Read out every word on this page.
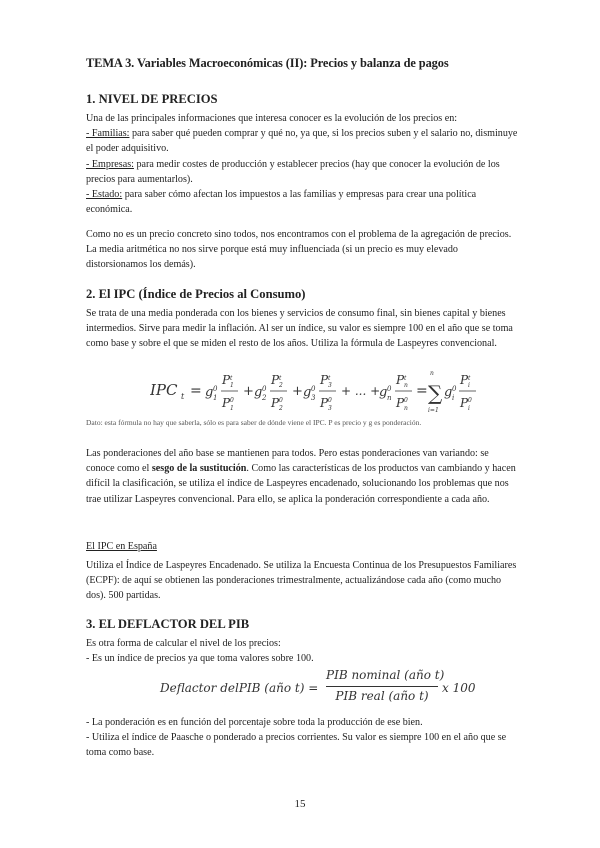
TEMA 3. Variables Macroeconómicas (II): Precios y balanza de pagos
1. NIVEL DE PRECIOS
Una de las principales informaciones que interesa conocer es la evolución de los precios en:
- Familias: para saber qué pueden comprar y qué no, ya que, si los precios suben y el salario no, disminuye el poder adquisitivo.
- Empresas: para medir costes de producción y establecer precios (hay que conocer la evolución de los precios para aumentarlos).
- Estado: para saber cómo afectan los impuestos a las familias y empresas para crear una política económica.
Como no es un precio concreto sino todos, nos encontramos con el problema de la agregación de precios. La media aritmética no nos sirve porque está muy influenciada (si un precio es muy elevado distorsionamos los demás).
2. El IPC (Índice de Precios al Consumo)
Se trata de una media ponderada con los bienes y servicios de consumo final, sin bienes capital y bienes intermedios. Sirve para medir la inflación. Al ser un índice, su valor es siempre 100 en el año que se toma como base y sobre el que se miden el resto de los años. Utiliza la fórmula de Laspeyres convencional.
IPC t = g 0
1
P t
1
P 0
1
+ g 0
2
P t
2
P 0
2
+ g 0
3
P t
3
P 0
3
+ ... +
g 0
n
P t
n
P 0
n
=
n
∑
i=1
g 0
i
P t
i
P 0
i
Dato: esta fórmula no hay que saberla, sólo es para saber de dónde viene el IPC. P es precio y g es ponderación.
Las ponderaciones del año base se mantienen para todos. Pero estas ponderaciones van variando: se conoce como el sesgo de la sustitución. Como las características de los productos van cambiando y hacen difícil la clasificación, se utiliza el índice de Laspeyres encadenado, solucionando los problemas que nos trae utilizar Laspeyres convencional. Para ello, se aplica la ponderación correspondiente a cada año.
El IPC en España
Utiliza el Índice de Laspeyres Encadenado. Se utiliza la Encuesta Continua de los Presupuestos Familiares (ECPF): de aquí se obtienen las ponderaciones trimestralmente, actualizándose cada año (como mucho dos). 500 partidas.
3. EL DEFLACTOR DEL PIB
Es otra forma de calcular el nivel de los precios:
- Es un índice de precios ya que toma valores sobre 100.
Deflactor delPIB (año t) =
PIB nominal (año t)
PIB real (año t)
x 100
- La ponderación es en función del porcentaje sobre toda la producción de ese bien.
- Utiliza el índice de Paasche o ponderado a precios corrientes. Su valor es siempre 100 en el año que se toma como base.
15
